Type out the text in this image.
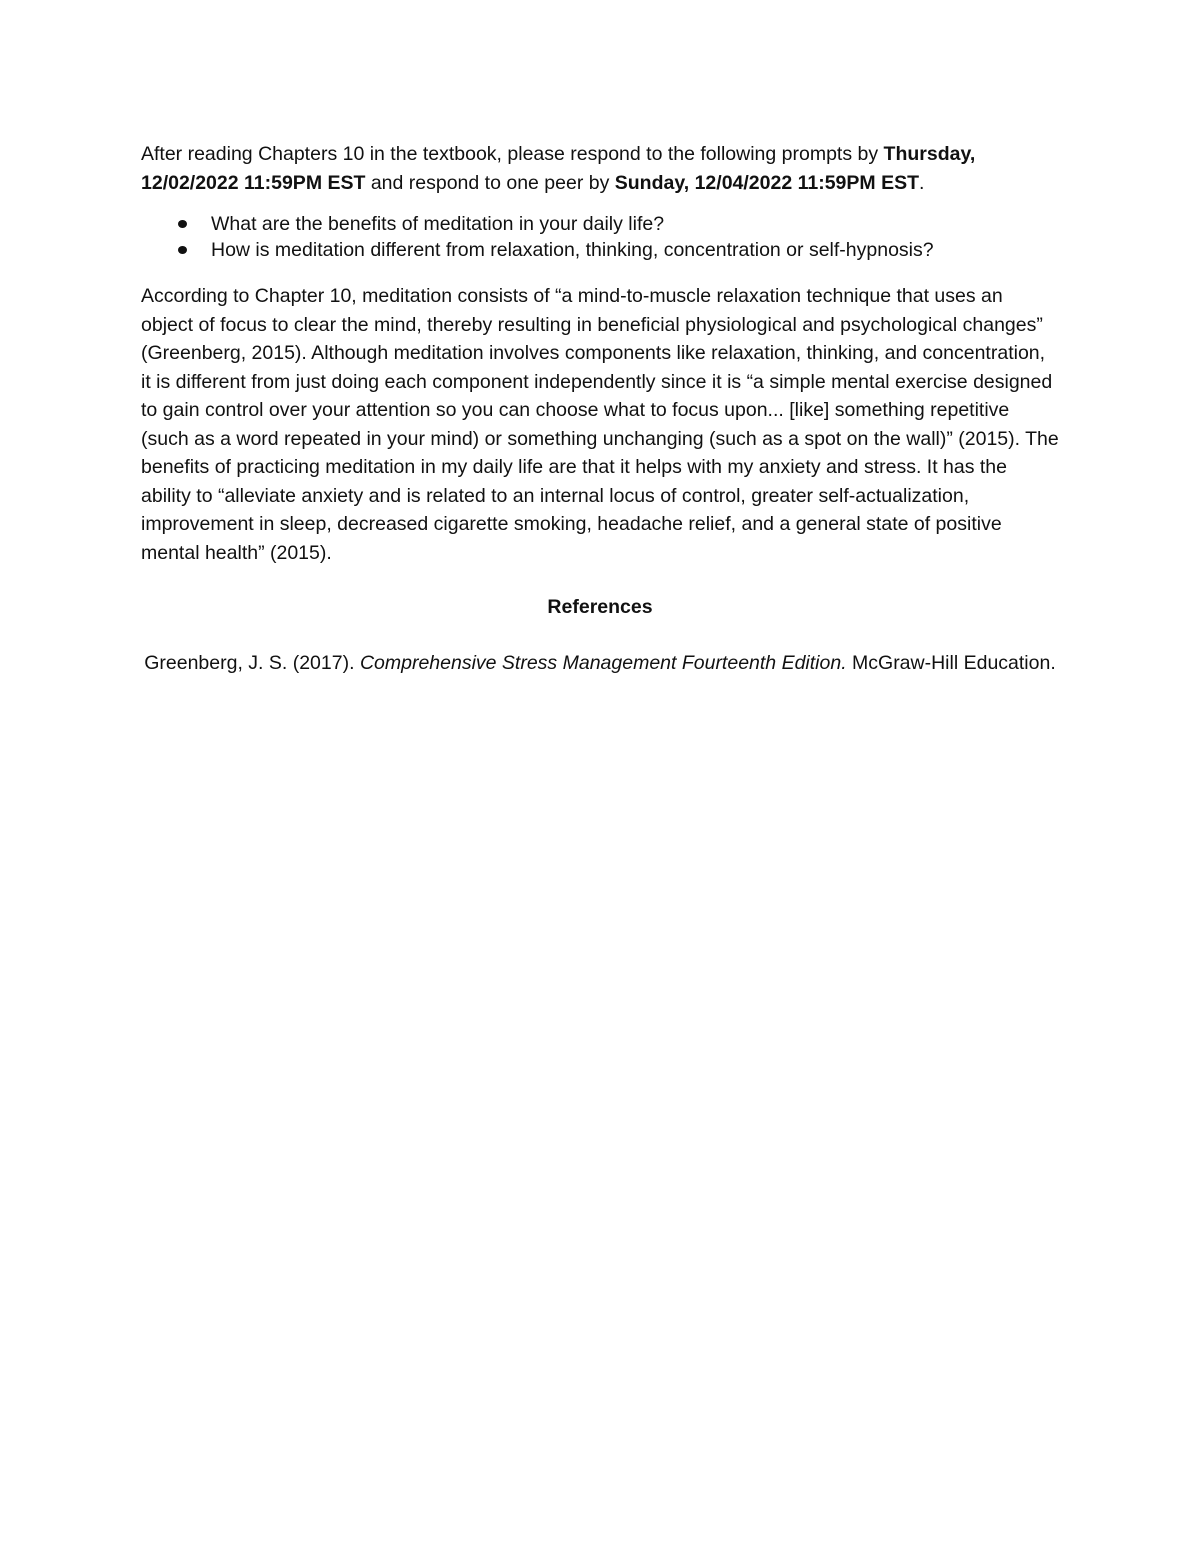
After reading Chapters 10 in the textbook, please respond to the following prompts by Thursday, 12/02/2022 11:59PM EST and respond to one peer by Sunday, 12/04/2022 11:59PM EST.

What are the benefits of meditation in your daily life?
How is meditation different from relaxation, thinking, concentration or self-hypnosis?

According to Chapter 10, meditation consists of “a mind-to-muscle relaxation technique that uses an object of focus to clear the mind, thereby resulting in beneficial physiological and psychological changes” (Greenberg, 2015). Although meditation involves components like relaxation, thinking, and concentration, it is different from just doing each component independently since it is “a simple mental exercise designed to gain control over your attention so you can choose what to focus upon... [like] something repetitive (such as a word repeated in your mind) or something unchanging (such as a spot on the wall)” (2015). The benefits of practicing meditation in my daily life are that it helps with my anxiety and stress. It has the ability to “alleviate anxiety and is related to an internal locus of control, greater self-actualization, improvement in sleep, decreased cigarette smoking, headache relief, and a general state of positive mental health” (2015).

References

Greenberg, J. S. (2017). Comprehensive Stress Management Fourteenth Edition. McGraw-Hill Education.
